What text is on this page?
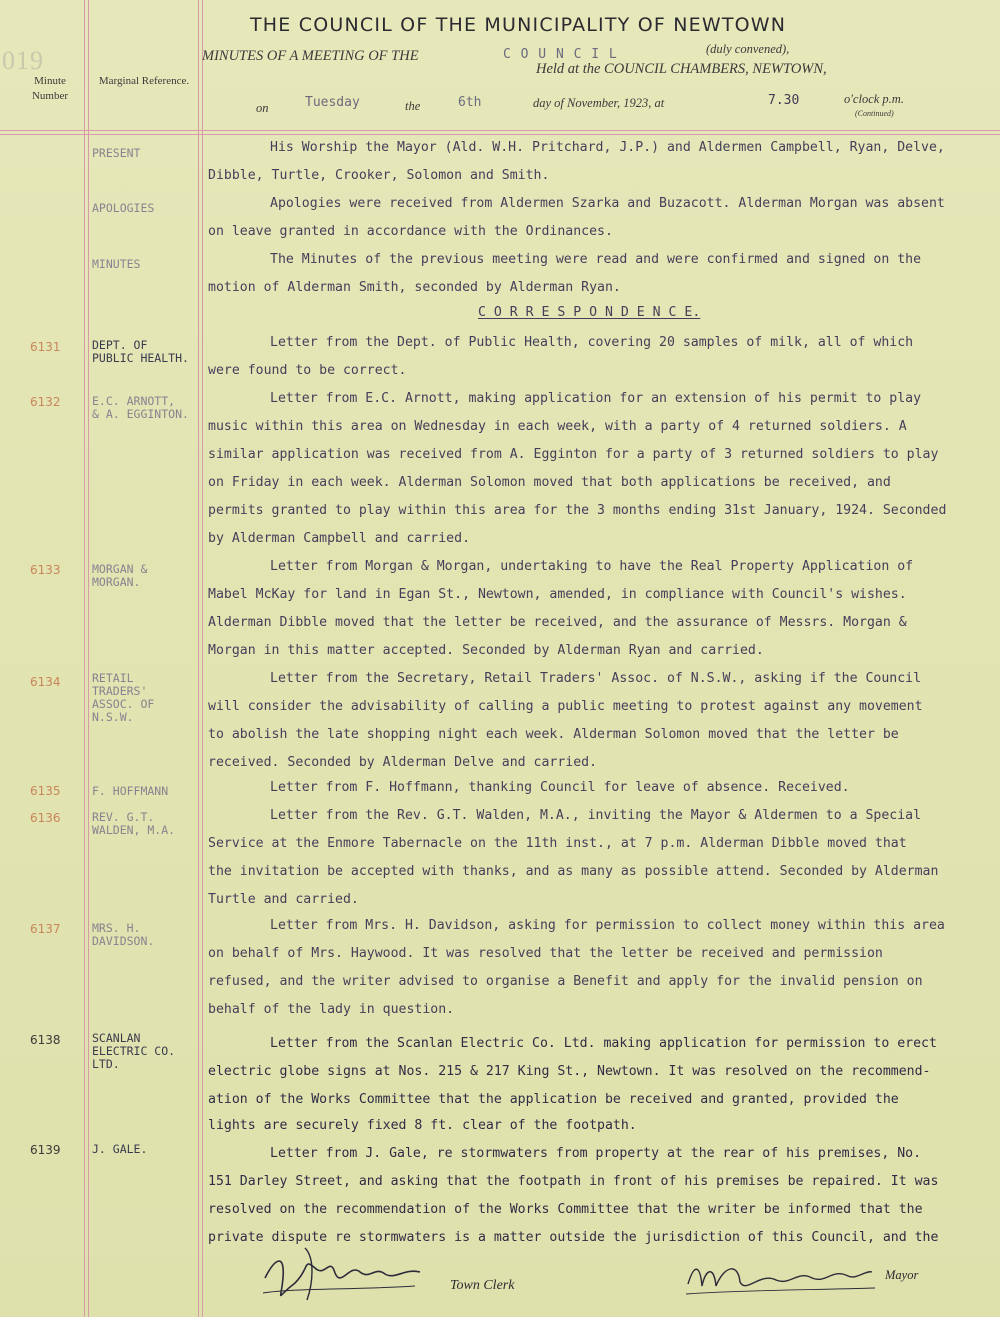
019
Minute Number
Marginal Reference.
THE COUNCIL OF THE MUNICIPALITY OF NEWTOWN
MINUTES OF A MEETING OF THE	C O U N C I L	(duly convened),
Held at the COUNCIL CHAMBERS, NEWTOWN,
on	Tuesday	the	6th	day of November, 1923, at	7.30	o'clock p.m.
(Continued)
PRESENT	His Worship the Mayor (Ald. W.H. Pritchard, J.P.) and Aldermen Campbell, Ryan, Delve,
Dibble, Turtle, Crooker, Solomon and Smith.
APOLOGIES	Apologies were received from Aldermen Szarka and Buzacott. Alderman Morgan was absent
on leave granted in accordance with the Ordinances.
MINUTES	The Minutes of the previous meeting were read and were confirmed and signed on the
motion of Alderman Smith, seconded by Alderman Ryan.
C O R R E S P O N D E N C E.
6131	DEPT. OF
PUBLIC HEALTH.
Letter from the Dept. of Public Health, covering 20 samples of milk, all of which
were found to be correct.
6132	E.C. ARNOTT,
& A. EGGINTON.
Letter from E.C. Arnott, making application for an extension of his permit to play
music within this area on Wednesday in each week, with a party of 4 returned soldiers. A
similar application was received from A. Egginton for a party of 3 returned soldiers to play
on Friday in each week. Alderman Solomon moved that both applications be received, and
permits granted to play within this area for the 3 months ending 31st January, 1924. Seconded
by Alderman Campbell and carried.
6133	MORGAN &
MORGAN.
Letter from Morgan & Morgan, undertaking to have the Real Property Application of
Mabel McKay for land in Egan St., Newtown, amended, in compliance with Council's wishes.
Alderman Dibble moved that the letter be received, and the assurance of Messrs. Morgan &
Morgan in this matter accepted. Seconded by Alderman Ryan and carried.
6134	RETAIL
TRADERS'
ASSOC. OF
N.S.W.
Letter from the Secretary, Retail Traders' Assoc. of N.S.W., asking if the Council
will consider the advisability of calling a public meeting to protest against any movement
to abolish the late shopping night each week. Alderman Solomon moved that the letter be
received. Seconded by Alderman Delve and carried.
6135	F. HOFFMANN	Letter from F. Hoffmann, thanking Council for leave of absence. Received.
6136	REV. G.T.
WALDEN, M.A.
Letter from the Rev. G.T. Walden, M.A., inviting the Mayor & Aldermen to a Special
Service at the Enmore Tabernacle on the 11th inst., at 7 p.m. Alderman Dibble moved that
the invitation be accepted with thanks, and as many as possible attend. Seconded by Alderman
Turtle and carried.
6137	MRS. H.
DAVIDSON.
Letter from Mrs. H. Davidson, asking for permission to collect money within this area
on behalf of Mrs. Haywood. It was resolved that the letter be received and permission
refused, and the writer advised to organise a Benefit and apply for the invalid pension on
behalf of the lady in question.
6138	SCANLAN
ELECTRIC CO.
LTD.
Letter from the Scanlan Electric Co. Ltd. making application for permission to erect
electric globe signs at Nos. 215 & 217 King St., Newtown. It was resolved on the recommend-
ation of the Works Committee that the application be received and granted, provided the
lights are securely fixed 8 ft. clear of the footpath.
6139	J. GALE.	Letter from J. Gale, re stormwaters from property at the rear of his premises, No.
151 Darley Street, and asking that the footpath in front of his premises be repaired. It was
resolved on the recommendation of the Works Committee that the writer be informed that the
private dispute re stormwaters is a matter outside the jurisdiction of this Council, and the
Town Clerk
Mayor
